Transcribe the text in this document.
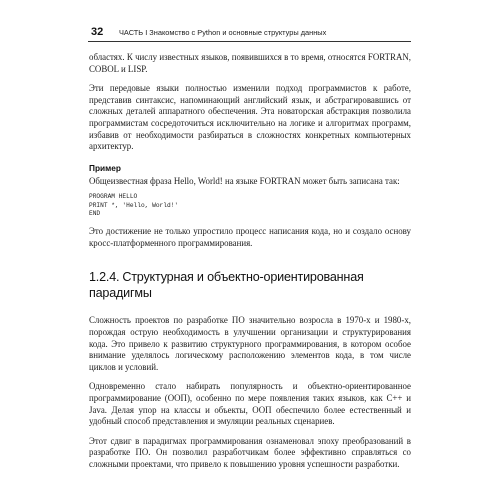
32 ЧАСТЬ I Знакомство с Python и основные структуры данных

областях. К числу известных языков, появившихся в то время, относятся FORTRAN, COBOL и LISP.

Эти передовые языки полностью изменили подход программистов к работе, представив синтаксис, напоминающий английский язык, и абстрагировавшись от сложных деталей аппаратного обеспечения. Эта новаторская абстракция позволила программистам сосредоточиться исключительно на логике и алгоритмах программ, избавив от необходимости разбираться в сложностях конкретных компьютерных архитектур.

Пример

Общеизвестная фраза Hello, World! на языке FORTRAN может быть записана так:

PROGRAM HELLO
PRINT *, 'Hello, World!'
END

Это достижение не только упростило процесс написания кода, но и создало основу кросс-платформенного программирования.

1.2.4. Структурная и объектно-ориентированная парадигмы

Сложность проектов по разработке ПО значительно возросла в 1970-х и 1980-х, порождая острую необходимость в улучшении организации и структурирования кода. Это привело к развитию структурного программирования, в котором особое внимание уделялось логическому расположению элементов кода, в том числе циклов и условий.

Одновременно стало набирать популярность и объектно-ориентированное программирование (ООП), особенно по мере появления таких языков, как C++ и Java. Делая упор на классы и объекты, ООП обеспечило более естественный и удобный способ представления и эмуляции реальных сценариев.

Этот сдвиг в парадигмах программирования ознаменовал эпоху преобразований в разработке ПО. Он позволил разработчикам более эффективно справляться со сложными проектами, что привело к повышению уровня успешности разработки.
